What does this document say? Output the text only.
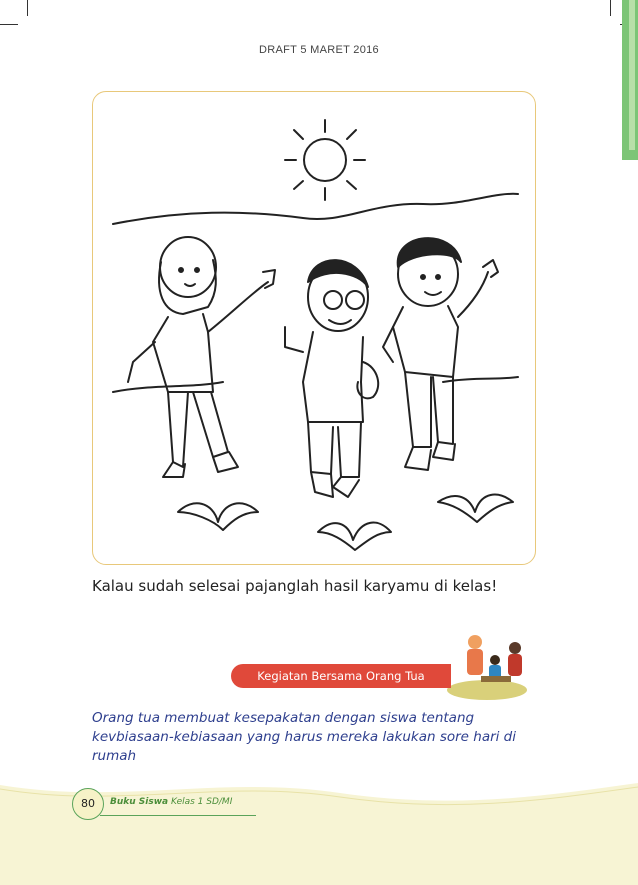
DRAFT 5 MARET 2016
Kalau sudah selesai pajanglah hasil karyamu di kelas!
Kegiatan Bersama Orang Tua
Orang tua membuat kesepakatan dengan siswa tentang kevbiasaan-kebiasaan yang harus mereka lakukan sore hari di rumah
80	Buku Siswa Kelas 1 SD/MI
